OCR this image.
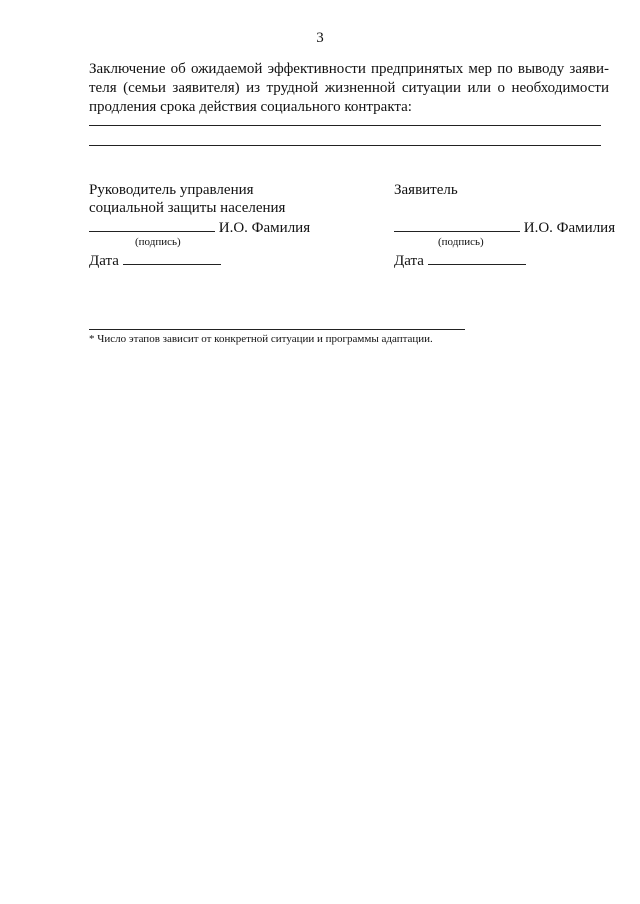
3
Заключение об ожидаемой эффективности предпринятых мер по выводу заяви-
теля (семьи заявителя) из трудной жизненной ситуации или о необходимости
продления срока действия социального контракта:
Руководитель управления
социальной защиты населения
И.О. Фамилия
(подпись)
Дата
Заявитель
И.О. Фамилия
(подпись)
Дата
* Число этапов зависит от конкретной ситуации и программы адаптации.
